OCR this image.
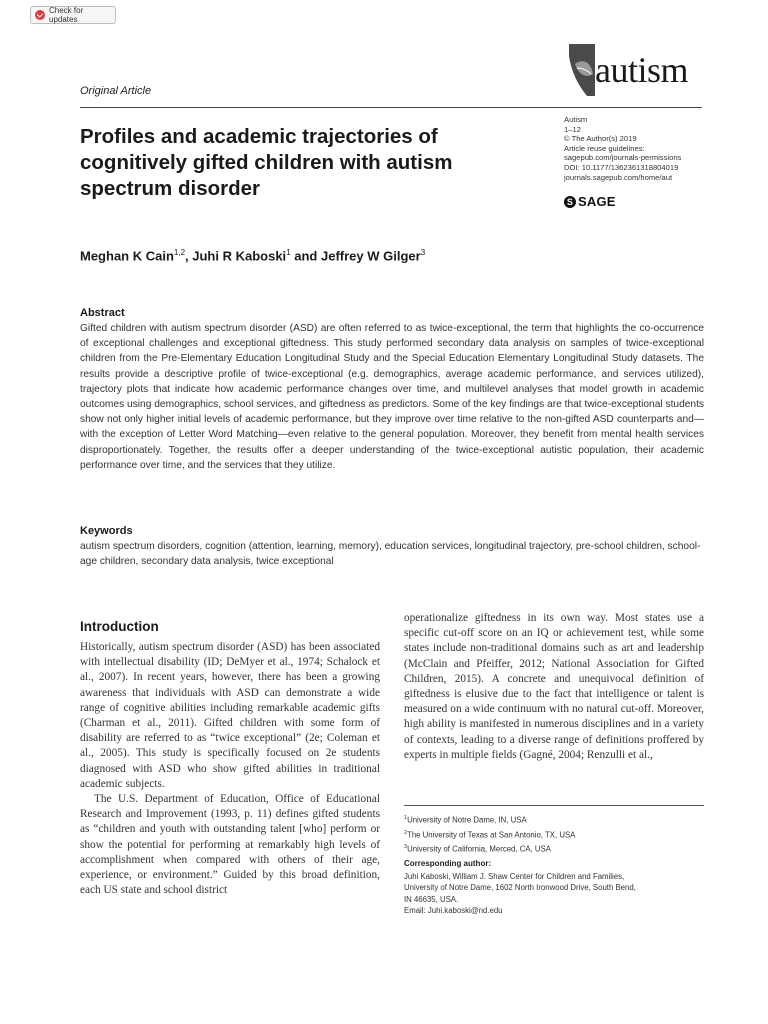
Check for updates
Original Article
autism
Autism
1–12
© The Author(s) 2019
Article reuse guidelines:
sagepub.com/journals-permissions
DOI: 10.1177/1362361318804019
journals.sagepub.com/home/aut
S SAGE
Profiles and academic trajectories of cognitively gifted children with autism spectrum disorder
Meghan K Cain$^{1,2}$, Juhi R Kaboski$^1$ and Jeffrey W Gilger$^3$
Abstract
Gifted children with autism spectrum disorder (ASD) are often referred to as twice-exceptional, the term that highlights the co-occurrence of exceptional challenges and exceptional giftedness. This study performed secondary data analysis on samples of twice-exceptional children from the Pre-Elementary Education Longitudinal Study and the Special Education Elementary Longitudinal Study datasets. The results provide a descriptive profile of twice-exceptional (e.g. demographics, average academic performance, and services utilized), trajectory plots that indicate how academic performance changes over time, and multilevel analyses that model growth in academic outcomes using demographics, school services, and giftedness as predictors. Some of the key findings are that twice-exceptional students show not only higher initial levels of academic performance, but they improve over time relative to the non-gifted ASD counterparts and—with the exception of Letter Word Matching—even relative to the general population. Moreover, they benefit from mental health services disproportionately. Together, the results offer a deeper understanding of the twice-exceptional autistic population, their academic performance over time, and the services that they utilize.
Keywords
autism spectrum disorders, cognition (attention, learning, memory), education services, longitudinal trajectory, pre-school children, school-age children, secondary data analysis, twice exceptional
Introduction

Historically, autism spectrum disorder (ASD) has been associated with intellectual disability (ID; DeMyer et al., 1974; Schalock et al., 2007). In recent years, however, there has been a growing awareness that individuals with ASD can demonstrate a wide range of cognitive abilities including remarkable academic gifts (Charman et al., 2011). Gifted children with some form of disability are referred to as “twice exceptional” (2e; Coleman et al., 2005). This study is specifically focused on 2e students diagnosed with ASD who show gifted abilities in traditional academic subjects.

The U.S. Department of Education, Office of Educational Research and Improvement (1993, p. 11) defines gifted students as “children and youth with outstanding talent [who] perform or show the potential for performing at remarkably high levels of accomplishment when compared with others of their age, experience, or environment.” Guided by this broad definition, each US state and school district

operationalize giftedness in its own way. Most states use a specific cut-off score on an IQ or achievement test, while some states include non-traditional domains such as art and leadership (McClain and Pfeiffer, 2012; National Association for Gifted Children, 2015). A concrete and unequivocal definition of giftedness is elusive due to the fact that intelligence or talent is measured on a wide continuum with no natural cut-off. Moreover, high ability is manifested in numerous disciplines and in a variety of contexts, leading to a diverse range of definitions proffered by experts in multiple fields (Gagné, 2004; Renzulli et al.,

$^1$University of Notre Dame, IN, USA
$^2$The University of Texas at San Antonio, TX, USA
$^3$University of California, Merced, CA, USA
Corresponding author:
Juhi Kaboski, William J. Shaw Center for Children and Families,
University of Notre Dame, 1602 North Ironwood Drive, South Bend,
IN 46635, USA.
Email: Juhi.kaboski@nd.edu
